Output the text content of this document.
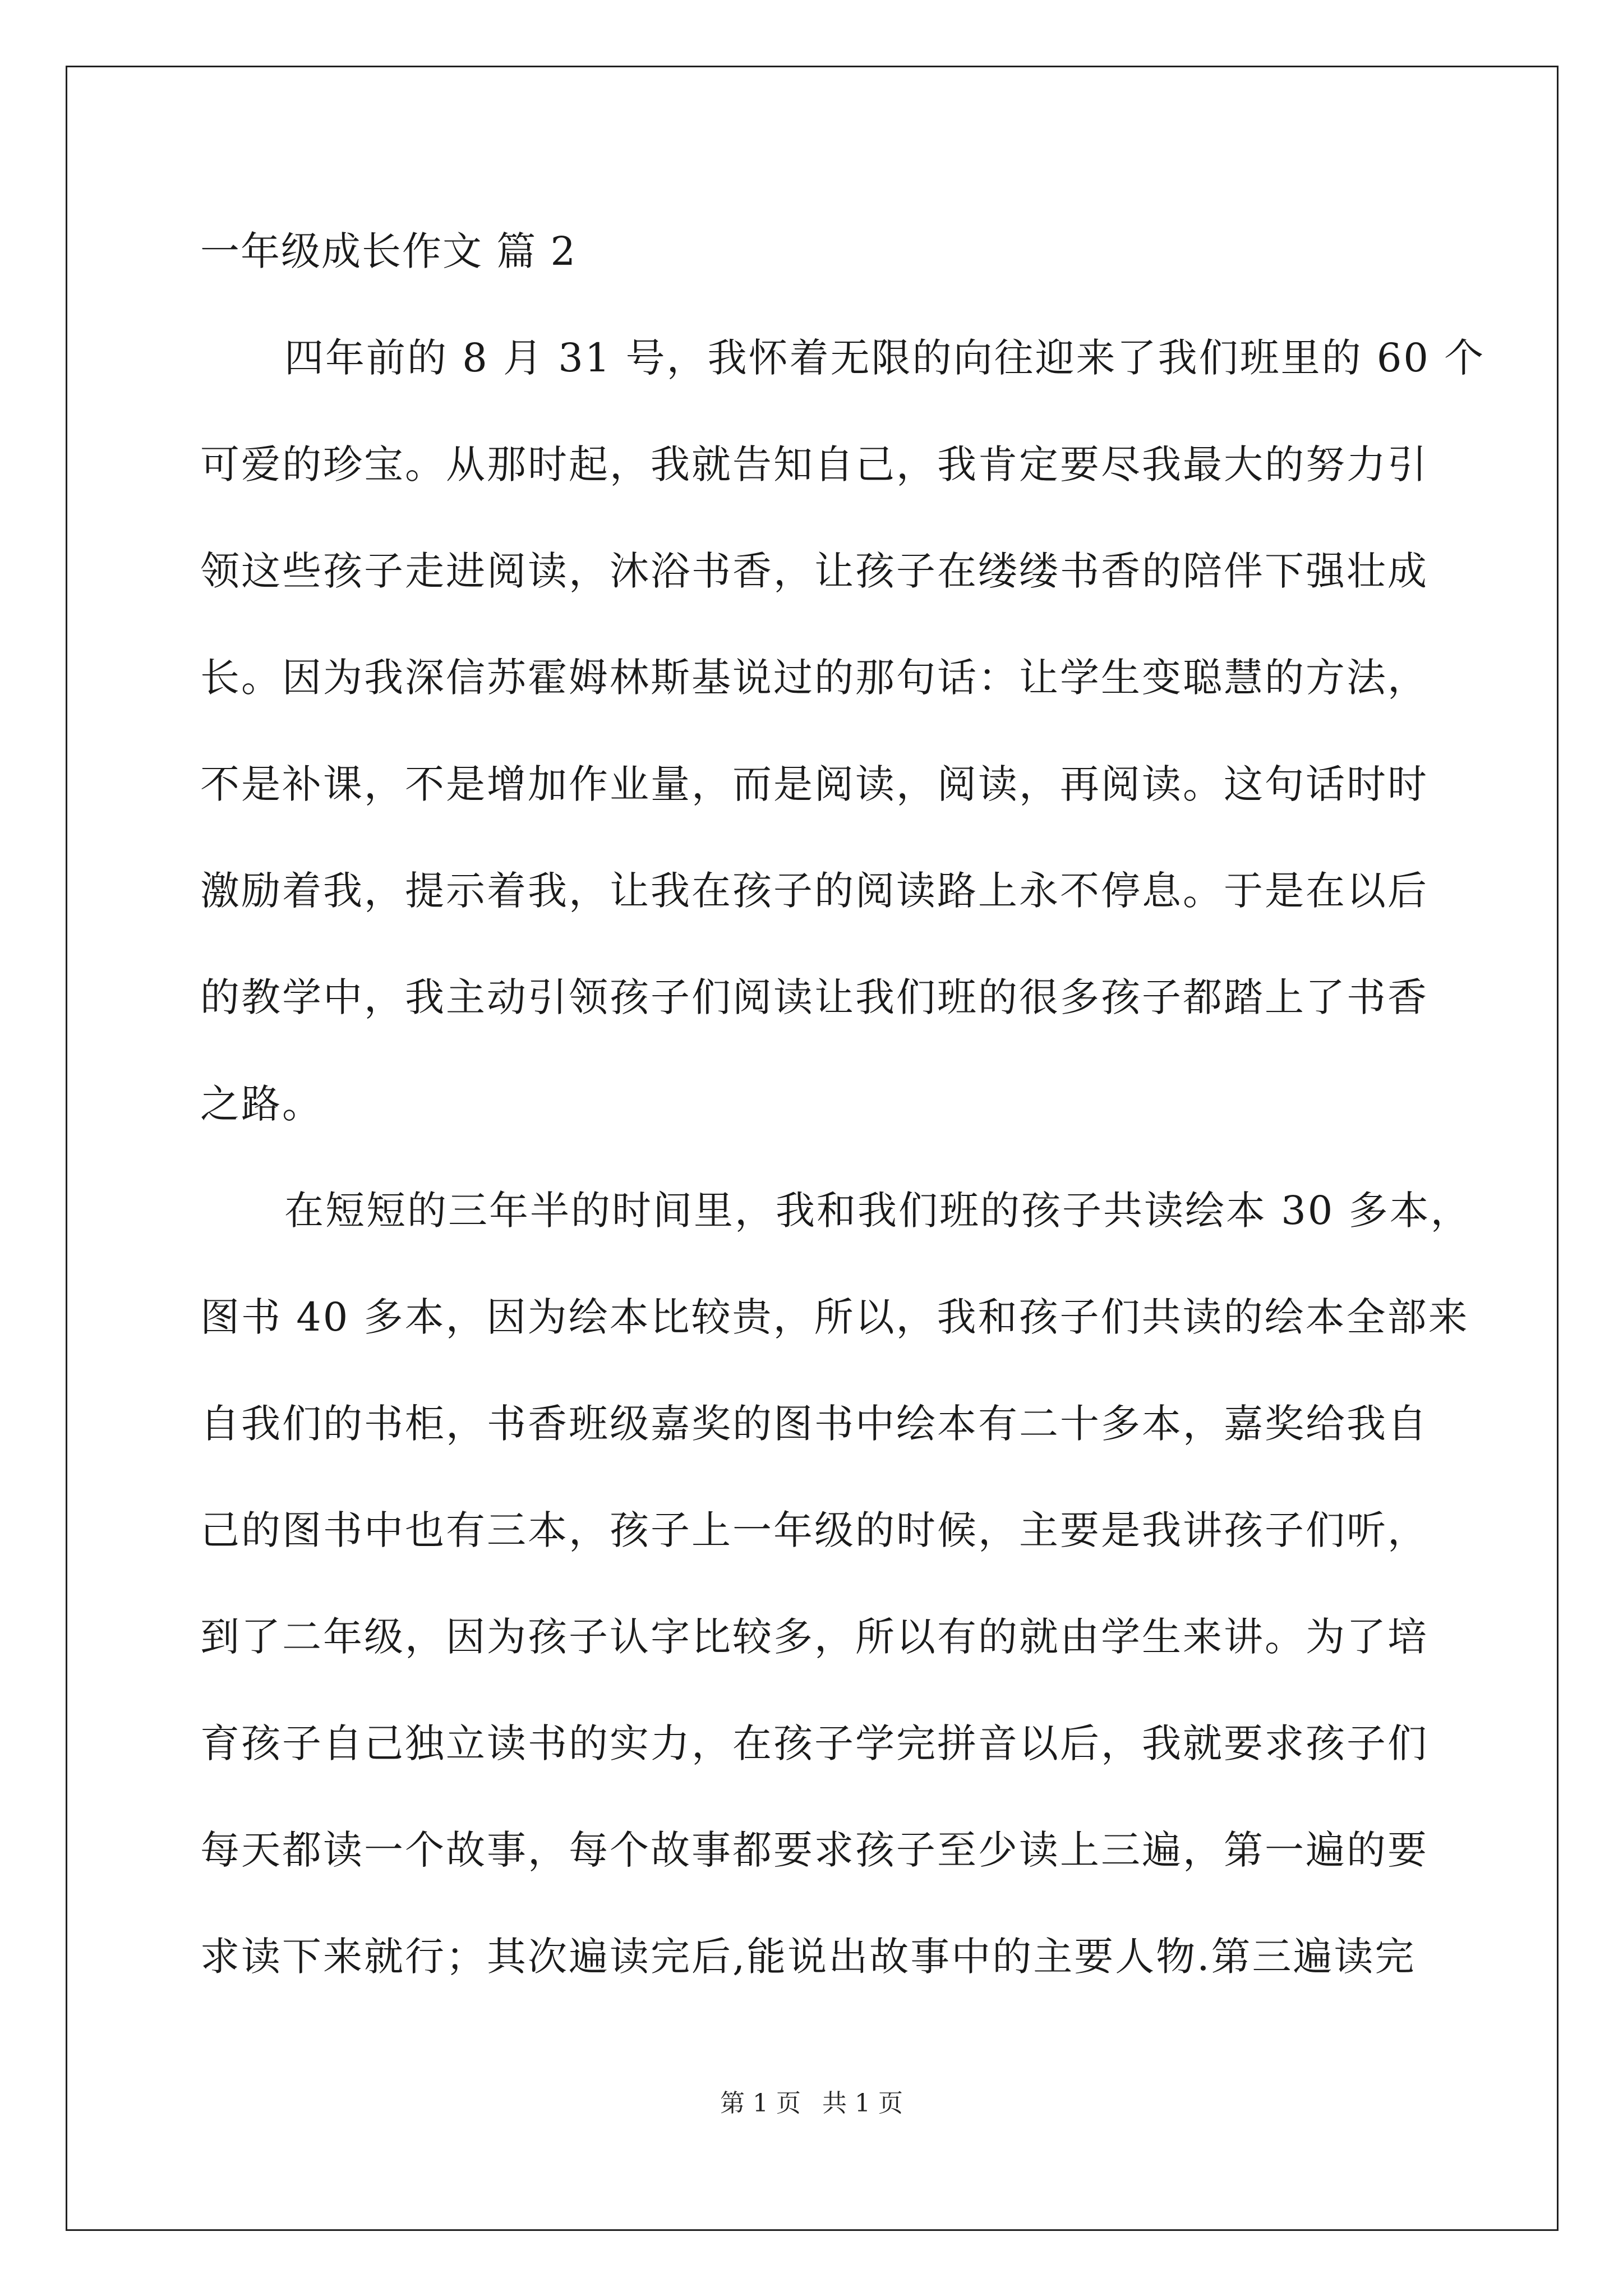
一年级成长作文 篇 2
四年前的 8 月 31 号，我怀着无限的向往迎来了我们班里的 60 个
可爱的珍宝。从那时起，我就告知自己，我肯定要尽我最大的努力引
领这些孩子走进阅读，沐浴书香，让孩子在缕缕书香的陪伴下强壮成
长。因为我深信苏霍姆林斯基说过的那句话：让学生变聪慧的方法，
不是补课，不是增加作业量，而是阅读，阅读，再阅读。这句话时时
激励着我，提示着我，让我在孩子的阅读路上永不停息。于是在以后
的教学中，我主动引领孩子们阅读让我们班的很多孩子都踏上了书香
之路。
在短短的三年半的时间里，我和我们班的孩子共读绘本 30 多本，
图书 40 多本，因为绘本比较贵，所以，我和孩子们共读的绘本全部来
自我们的书柜，书香班级嘉奖的图书中绘本有二十多本，嘉奖给我自
己的图书中也有三本，孩子上一年级的时候，主要是我讲孩子们听，
到了二年级，因为孩子认字比较多，所以有的就由学生来讲。为了培
育孩子自己独立读书的实力，在孩子学完拼音以后，我就要求孩子们
每天都读一个故事，每个故事都要求孩子至少读上三遍，第一遍的要
求读下来就行；其次遍读完后,能说出故事中的主要人物.第三遍读完
第 1 页 共 1 页
